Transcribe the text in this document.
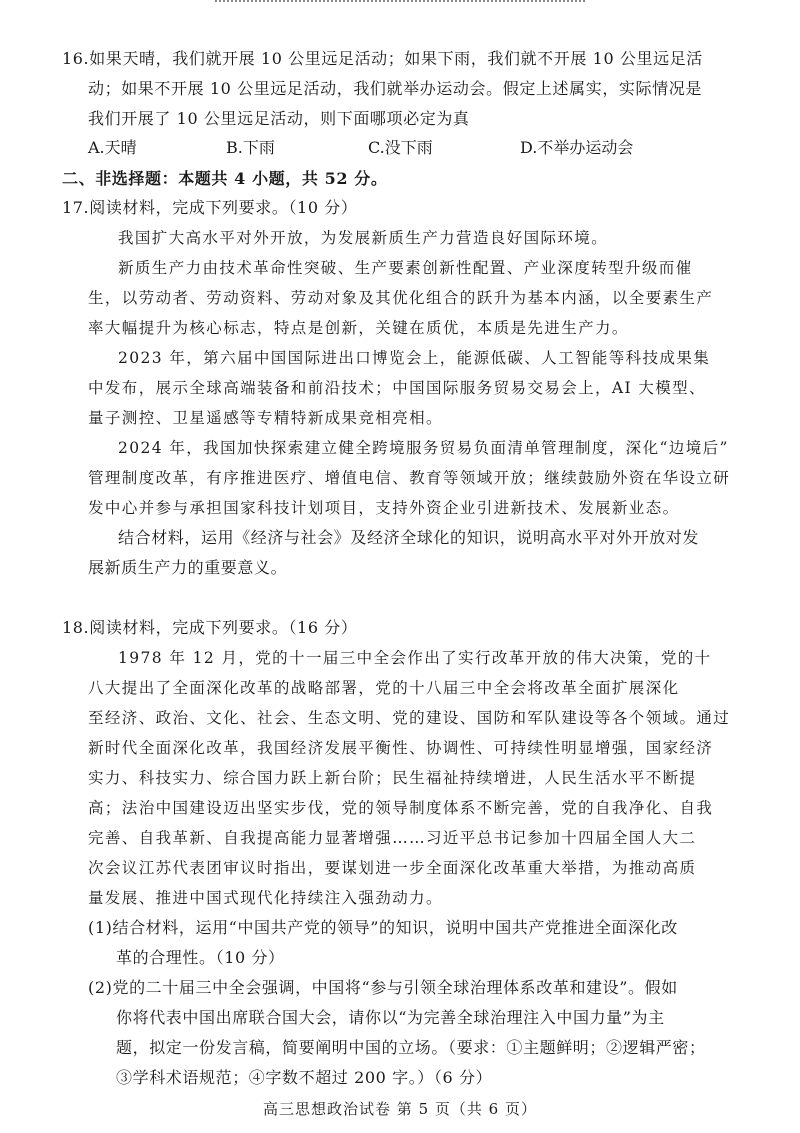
16.如果天晴，我们就开展 10 公里远足活动；如果下雨，我们就不开展 10 公里远足活
动；如果不开展 10 公里远足活动，我们就举办运动会。假定上述属实，实际情况是
我们开展了 10 公里远足活动，则下面哪项必定为真
A.天晴	B.下雨	C.没下雨	D.不举办运动会
二、非选择题：本题共 4 小题，共 52 分。
17.阅读材料，完成下列要求。（10 分）
我国扩大高水平对外开放，为发展新质生产力营造良好国际环境。
新质生产力由技术革命性突破、生产要素创新性配置、产业深度转型升级而催
生，以劳动者、劳动资料、劳动对象及其优化组合的跃升为基本内涵，以全要素生产
率大幅提升为核心标志，特点是创新，关键在质优，本质是先进生产力。
2023 年，第六届中国国际进出口博览会上，能源低碳、人工智能等科技成果集
中发布，展示全球高端装备和前沿技术；中国国际服务贸易交易会上，AI 大模型、
量子测控、卫星遥感等专精特新成果竞相亮相。
2024 年，我国加快探索建立健全跨境服务贸易负面清单管理制度，深化“边境后”
管理制度改革，有序推进医疗、增值电信、教育等领域开放；继续鼓励外资在华设立研
发中心并参与承担国家科技计划项目，支持外资企业引进新技术、发展新业态。
结合材料，运用《经济与社会》及经济全球化的知识，说明高水平对外开放对发
展新质生产力的重要意义。
18.阅读材料，完成下列要求。（16 分）
1978 年 12 月，党的十一届三中全会作出了实行改革开放的伟大决策，党的十
八大提出了全面深化改革的战略部署，党的十八届三中全会将改革全面扩展深化
至经济、政治、文化、社会、生态文明、党的建设、国防和军队建设等各个领域。通过
新时代全面深化改革，我国经济发展平衡性、协调性、可持续性明显增强，国家经济
实力、科技实力、综合国力跃上新台阶；民生福祉持续增进，人民生活水平不断提
高；法治中国建设迈出坚实步伐，党的领导制度体系不断完善，党的自我净化、自我
完善、自我革新、自我提高能力显著增强……习近平总书记参加十四届全国人大二
次会议江苏代表团审议时指出，要谋划进一步全面深化改革重大举措，为推动高质
量发展、推进中国式现代化持续注入强劲动力。
(1)结合材料，运用“中国共产党的领导”的知识，说明中国共产党推进全面深化改
革的合理性。（10 分）
(2)党的二十届三中全会强调，中国将“参与引领全球治理体系改革和建设”。假如
你将代表中国出席联合国大会，请你以“为完善全球治理注入中国力量”为主
题，拟定一份发言稿，简要阐明中国的立场。（要求：①主题鲜明；②逻辑严密；
③学科术语规范；④字数不超过 200 字。）（6 分）
高三思想政治试卷 第 5 页（共 6 页）
